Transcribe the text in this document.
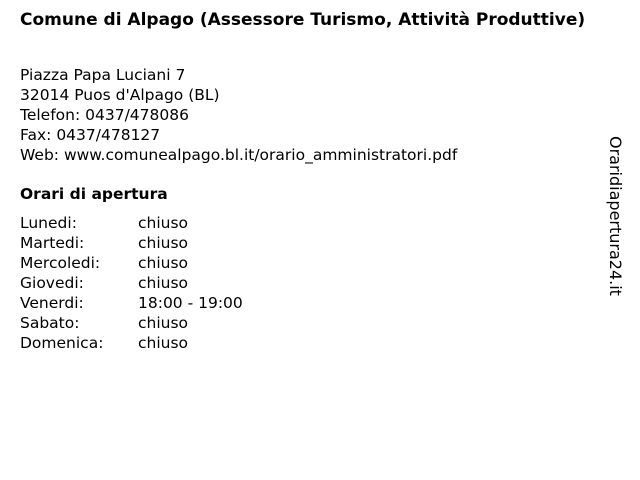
Comune di Alpago (Assessore Turismo, Attività Produttive)
Piazza Papa Luciani 7
32014 Puos d'Alpago (BL)
Telefon: 0437/478086
Fax: 0437/478127
Web: www.comunealpago.bl.it/orario_amministratori.pdf
Orari di apertura
Lunedi:	chiuso
Martedi:	chiuso
Mercoledi: chiuso
Giovedi:	chiuso
Venerdi:	18:00 - 19:00
Sabato:	chiuso
Domenica: chiuso
Oraridiapertura24.it
